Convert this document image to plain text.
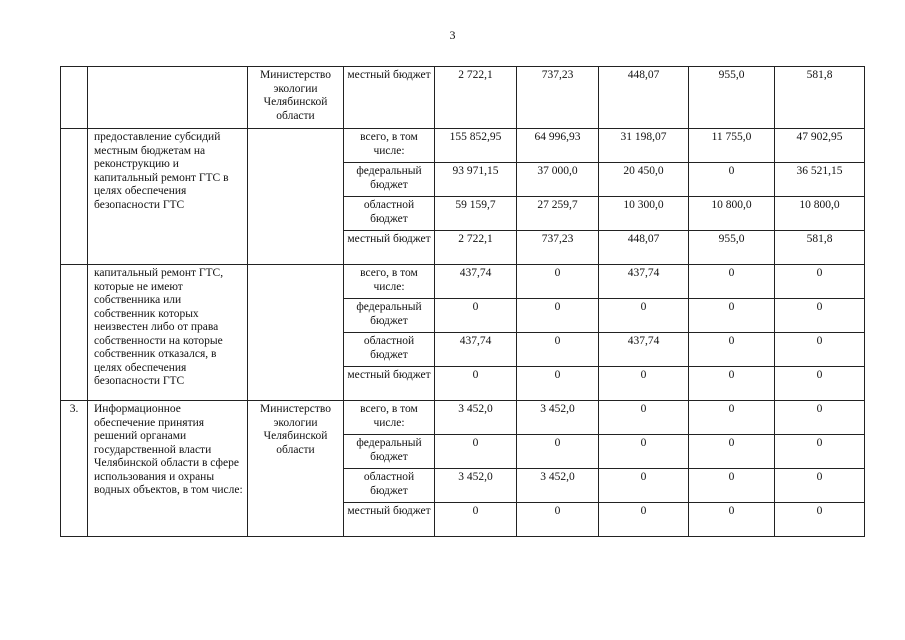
3
		Министерство экологии Челябинской области	местный бюджет	2 722,1	737,23	448,07	955,0	581,8
	предоставление субсидий местным бюджетам на реконструкцию и капитальный ремонт ГТС в целях обеспечения безопасности ГТС		всего, в том числе:	155 852,95	64 996,93	31 198,07	11 755,0	47 902,95
			федеральный бюджет	93 971,15	37 000,0	20 450,0	0	36 521,15
			областной бюджет	59 159,7	27 259,7	10 300,0	10 800,0	10 800,0
			местный бюджет	2 722,1	737,23	448,07	955,0	581,8
	капитальный ремонт ГТС, которые не имеют собственника или собственник которых неизвестен либо от права собственности на которые собственник отказался, в целях обеспечения безопасности ГТС		всего, в том числе:	437,74	0	437,74	0	0
			федеральный бюджет	0	0	0	0	0
			областной бюджет	437,74	0	437,74	0	0
			местный бюджет	0	0	0	0	0
3.	Информационное обеспечение принятия решений органами государственной власти Челябинской области в сфере использования и охраны водных объектов, в том числе:	Министерство экологии Челябинской области	всего, в том числе:	3 452,0	3 452,0	0	0	0
			федеральный бюджет	0	0	0	0	0
			областной бюджет	3 452,0	3 452,0	0	0	0
			местный бюджет	0	0	0	0	0
